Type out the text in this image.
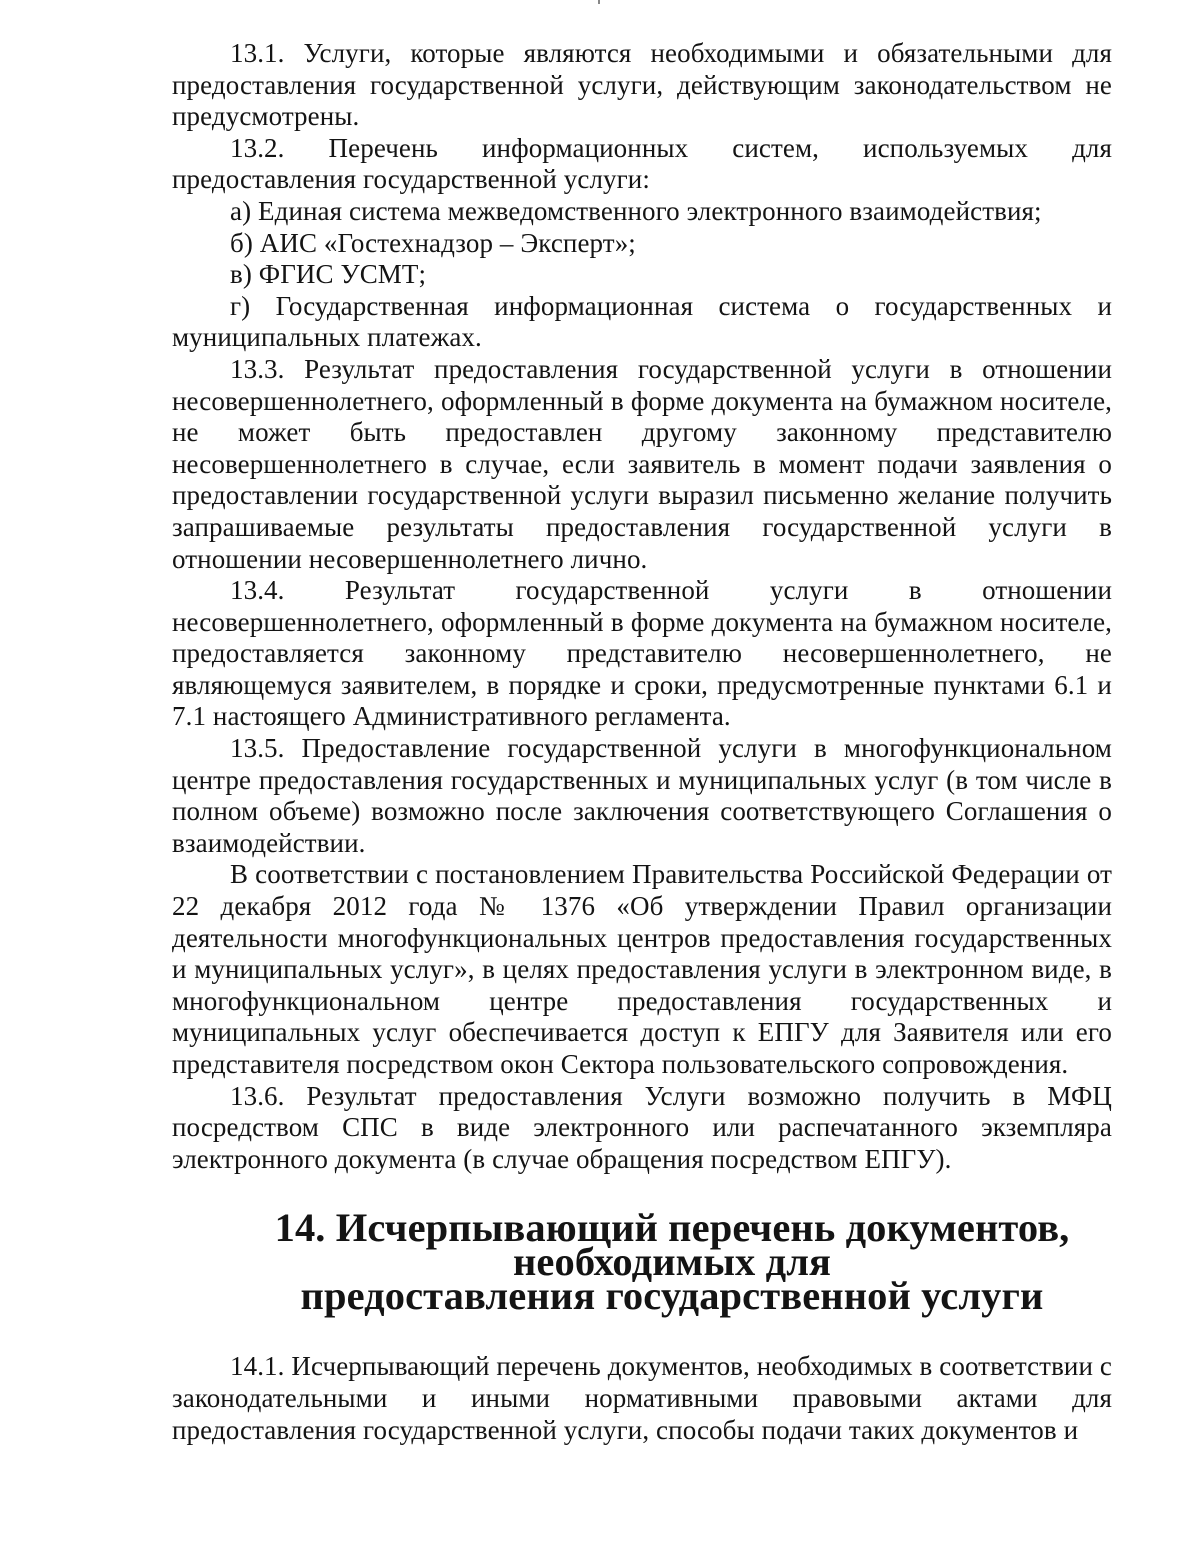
13.1. Услуги, которые являются необходимыми и обязательными для предоставления государственной услуги, действующим законодательством не предусмотрены.

13.2. Перечень информационных систем, используемых для предоставления государственной услуги:

а) Единая система межведомственного электронного взаимодействия;

б) АИС «Гостехнадзор – Эксперт»;

в) ФГИС УСМТ;

г) Государственная информационная система о государственных и муниципальных платежах.

13.3. Результат предоставления государственной услуги в отношении несовершеннолетнего, оформленный в форме документа на бумажном носителе, не может быть предоставлен другому законному представителю несовершеннолетнего в случае, если заявитель в момент подачи заявления о предоставлении государственной услуги выразил письменно желание получить запрашиваемые результаты предоставления государственной услуги в отношении несовершеннолетнего лично.

13.4. Результат государственной услуги в отношении несовершеннолетнего, оформленный в форме документа на бумажном носителе, предоставляется законному представителю несовершеннолетнего, не являющемуся заявителем, в порядке и сроки, предусмотренные пунктами 6.1 и 7.1 настоящего Административного регламента.

13.5. Предоставление государственной услуги в многофункциональном центре предоставления государственных и муниципальных услуг (в том числе в полном объеме) возможно после заключения соответствующего Соглашения о взаимодействии.

В соответствии с постановлением Правительства Российской Федерации от 22 декабря 2012 года № 1376 «Об утверждении Правил организации деятельности многофункциональных центров предоставления государственных и муниципальных услуг», в целях предоставления услуги в электронном виде, в многофункциональном центре предоставления государственных и муниципальных услуг обеспечивается доступ к ЕПГУ для Заявителя или его представителя посредством окон Сектора пользовательского сопровождения.

13.6. Результат предоставления Услуги возможно получить в МФЦ посредством СПС в виде электронного или распечатанного экземпляра электронного документа (в случае обращения посредством ЕПГУ).

14. Исчерпывающий перечень документов, необходимых для
предоставления государственной услуги

14.1. Исчерпывающий перечень документов, необходимых в соответствии с законодательными и иными нормативными правовыми актами для предоставления государственной услуги, способы подачи таких документов и
